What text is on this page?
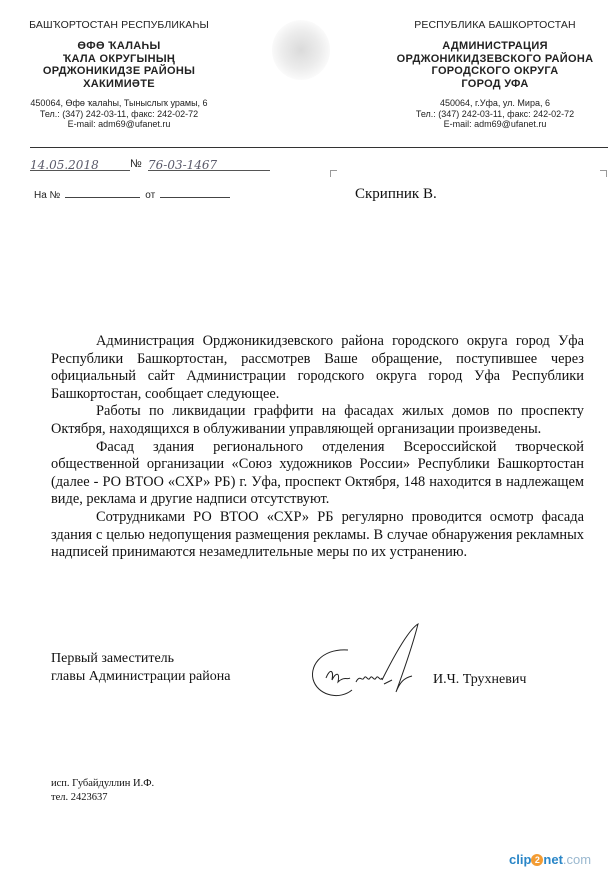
БАШҠОРТОСТАН РЕСПУБЛИКАҺЫ
ӨФӨ ҠАЛАҺЫ
ҠАЛА ОКРУГЫНЫҢ
ОРДЖОНИКИДЗЕ РАЙОНЫ
ХАКИМИӘТЕ
450064, Өфө ҡалаһы, Тыныслыҡ урамы, 6
Тел.: (347) 242-03-11, факс: 242-02-72
E-mail: adm69@ufanet.ru
РЕСПУБЛИКА БАШКОРТОСТАН
АДМИНИСТРАЦИЯ
ОРДЖОНИКИДЗЕВСКОГО РАЙОНА
ГОРОДСКОГО ОКРУГА
ГОРОД УФА
450064, г.Уфа, ул. Мира, 6
Тел.: (347) 242-03-11, факс: 242-02-72
E-mail: adm69@ufanet.ru
14.05.2018	№ 76-03-1467
На №	от	Скрипник В.

Администрация Орджоникидзевского района городского округа город Уфа Республики Башкортостан, рассмотрев Ваше обращение, поступившее через официальный сайт Администрации городского округа город Уфа Республики Башкортостан, сообщает следующее.

Работы по ликвидации граффити на фасадах жилых домов по проспекту Октября, находящихся в облуживании управляющей организации произведены.

Фасад здания регионального отделения Всероссийской творческой общественной организации «Союз художников России» Республики Башкортостан (далее - РО ВТОО «СХР» РБ) г. Уфа, проспект Октября, 148 находится в надлежащем виде, реклама и другие надписи отсутствуют.

Сотрудниками РО ВТОО «СХР» РБ регулярно проводится осмотр фасада здания с целью недопущения размещения рекламы. В случае обнаружения рекламных надписей принимаются незамедлительные меры по их устранению.

Первый заместитель
главы Администрации района	И.Ч. Трухневич
исп. Губайдуллин И.Ф.
тел. 2423637
clip 2 net.com
